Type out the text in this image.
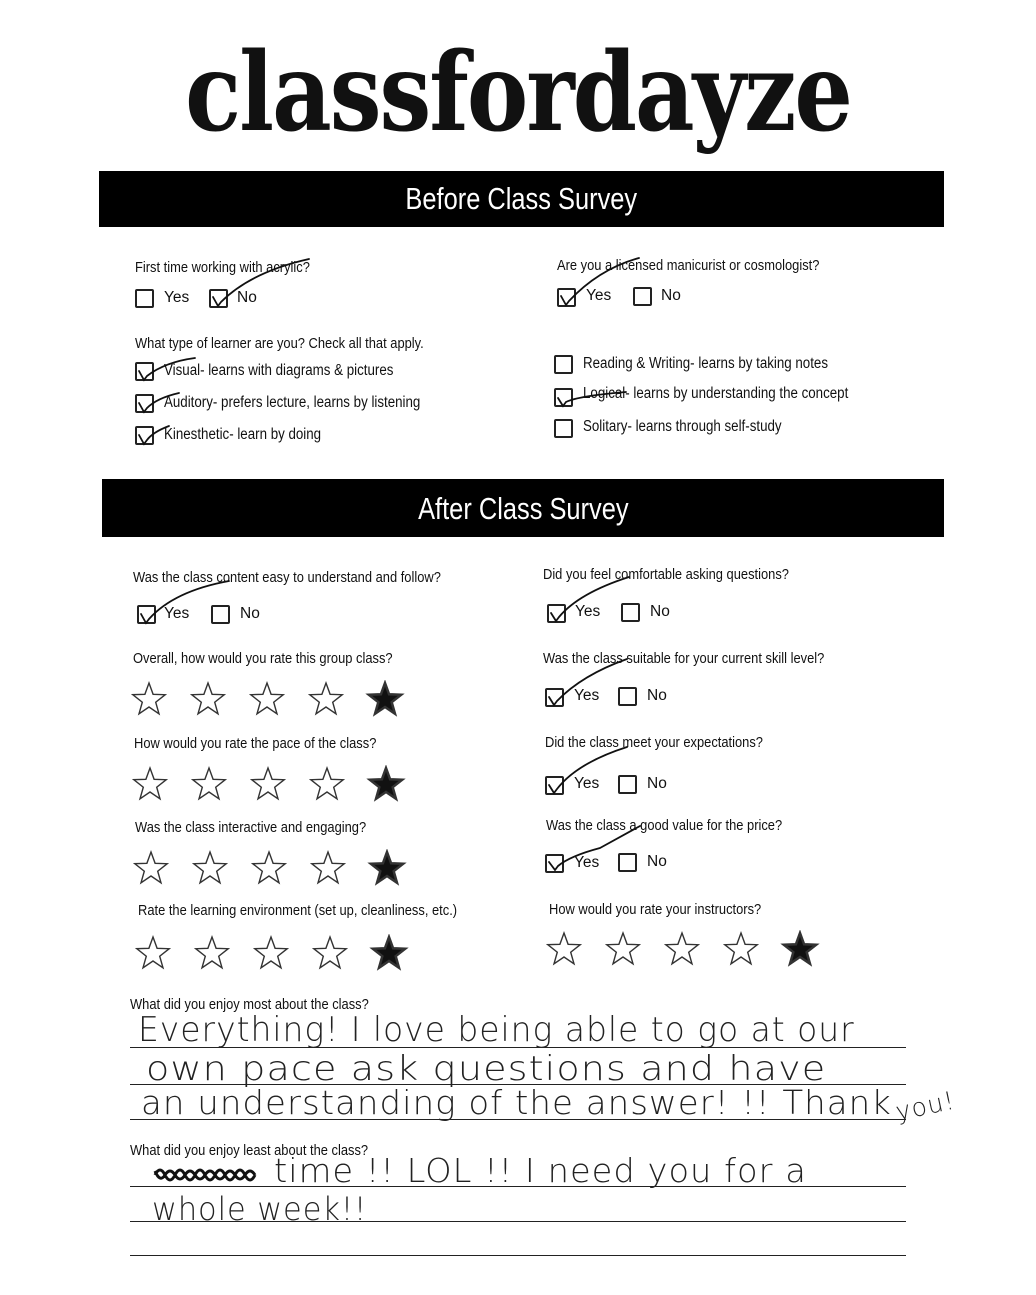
classfordayze
Before Class Survey
First time working with acrylic?
Yes	No
Are you a licensed manicurist or cosmologist?
Yes	No
What type of learner are you? Check all that apply.
Visual- learns with diagrams & pictures
Auditory- prefers lecture, learns by listening
Kinesthetic- learn by doing
Reading & Writing- learns by taking notes
Logical- learns by understanding the concept
Solitary- learns through self-study
After Class Survey
Was the class content easy to understand and follow?
Yes	No
Overall, how would you rate this group class?
How would you rate the pace of the class?
Was the class interactive and engaging?
Rate the learning environment (set up, cleanliness, etc.)
Did you feel comfortable asking questions?
Yes	No
Was the class suitable for your current skill level?
Yes	No
Did the class meet your expectations?
Yes	No
Was the class a good value for the price?
Yes	No
How would you rate your instructors?
What did you enjoy most about the class?
Everything! I love being able to go at our
own pace ask questions and have
an understanding of the answer! !! Thank you!
What did you enjoy least about the class?
time !! LOL !! I need you for a
whole week!!
